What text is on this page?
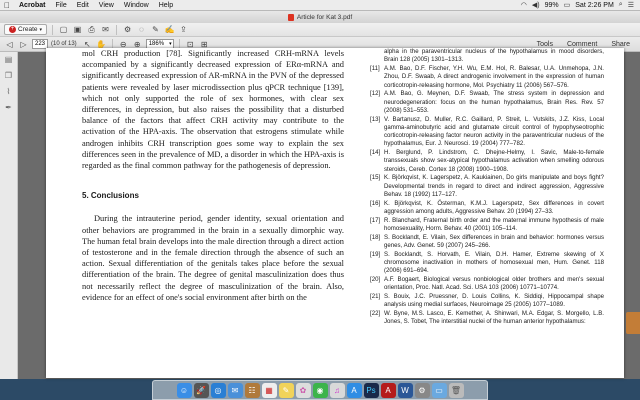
Acrobat	File	Edit	View	Window	Help	◠ ◀) 99% ▭ Sat 2:26 PM ⌕ ☰
Article for Kat 3.pdf
+ Create ▾ ▢ ▣ ⎙ ✉ ⚙	◌	✎ ✍ ⇪
◁ ▷	223	(10 of 13) ↖ ✋ ⊖ ⊕	186% ▾ ⊡ ⊞	Tools Comment Share
▤
❐
⌇
✒

mol CRH production [78]. Significantly increased CRH-mRNA levels accompanied by a significantly decreased expression of ERα-mRNA and significantly decreased expression of AR-mRNA in the PVN of the depressed patients were revealed by laser microdissection plus qPCR technique [139], which not only supported the role of sex hormones, with clear sex differences, in depression, but also raises the possibility that a disturbed balance of the factors that affect CRH activity may contribute to the activation of the HPA-axis. The observation that estrogens stimulate while androgen inhibits CRH transcription goes some way to explain the sex differences seen in the prevalence of MD, a disorder in which the HPA-axis is regarded as the final common pathway for the pathogenesis of depression.

5. Conclusions

During the intrauterine period, gender identity, sexual orientation and other behaviors are programmed in the brain in a sexually dimorphic way. The human fetal brain develops into the male direction through a direct action of testosterone and in the female direction through the absence of such an action. Sexual differentiation of the genitals takes place before the sexual differentiation of the brain. The degree of genital masculinization does thus not necessarily reflect the degree of masculinization of the brain. Also, evidence for an effect of one's social environment after birth on the

alpha in the paraventricular nucleus of the hypothalamus in mood disorders, Brain 128 (2005) 1301–1313.
[11] A.M. Bao, D.F. Fischer, Y.H. Wu, E.M. Hol, R. Balesar, U.A. Unmehopa, J.N. Zhou, D.F. Swaab, A direct androgenic involvement in the expression of human corticotropin-releasing hormone, Mol. Psychiatry 11 (2006) 567–576.
[12] A.M. Bao, G. Meynen, D.F. Swaab, The stress system in depression and neurodegeneration: focus on the human hypothalamus, Brain Res. Rev. 57 (2008) 531–553.
[13] V. Bartanusz, D. Muller, R.C. Gaillard, P. Streit, L. Vutskits, J.Z. Kiss, Local gamma-aminobutyric acid and glutamate circuit control of hypophyseotrophic corticotropin-releasing factor neuron activity in the paraventricular nucleus of the hypothalamus, Eur. J. Neurosci. 19 (2004) 777–782.
[14] H. Berglund, P. Lindstrom, C. Dhejne-Helmy, I. Savic, Male-to-female transsexuals show sex-atypical hypothalamus activation when smelling odorous steroids, Cereb. Cortex 18 (2008) 1900–1908.
[15] K. Björkqvist, K. Lagerspetz, A. Kaukiainen, Do girls manipulate and boys fight? Developmental trends in regard to direct and indirect aggression, Aggressive Behav. 18 (1992) 117–127.
[16] K. Björkqvist, K. Österman, K.M.J. Lagerspetz, Sex differences in covert aggression among adults, Aggressive Behav. 20 (1994) 27–33.
[17] R. Blanchard, Fraternal birth order and the maternal immune hypothesis of male homosexuality, Horm. Behav. 40 (2001) 105–114.
[18] S. Bocklandt, E. Vilain, Sex differences in brain and behavior: hormones versus genes, Adv. Genet. 59 (2007) 245–266.
[19] S. Bocklandt, S. Horvath, E. Vilain, D.H. Hamer, Extreme skewing of X chromosome inactivation in mothers of homosexual men, Hum. Genet. 118 (2006) 691–694.
[20] A.F. Bogaert, Biological versus nonbiological older brothers and men's sexual orientation, Proc. Natl. Acad. Sci. USA 103 (2006) 10771–10774.
[21] S. Bouix, J.C. Pruessner, D. Louis Collins, K. Siddiqi, Hippocampal shape analysis using medial surfaces, Neuroimage 25 (2005) 1077–1089.
[22] W. Byne, M.S. Lasco, E. Kemether, A. Shinwari, M.A. Edgar, S. Morgello, L.B. Jones, S. Tobet, The interstitial nuclei of the human anterior hypothalamus:
☺ 🚀	◎	✉	☷	▦	✎	✿	◉	♫	A	Ps	A	W	⚙	▭	🗑
